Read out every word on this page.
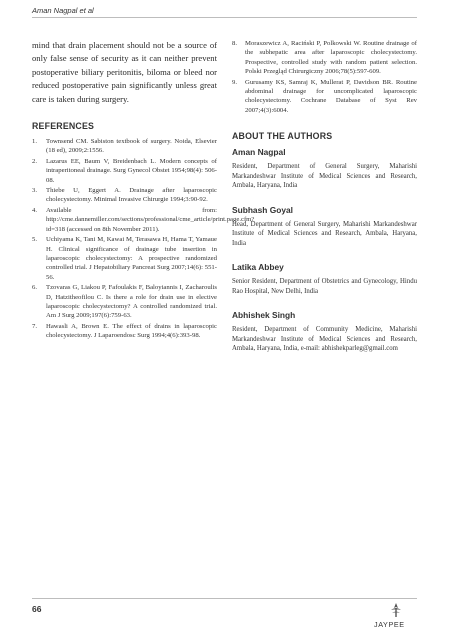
Aman Nagpal et al

mind that drain placement should not be a source of only false sense of security as it can neither prevent postoperative biliary peritonitis, biloma or bleed nor reduced postoperative pain significantly unless great care is taken during surgery.

REFERENCES
1. Townsend CM. Sabiston textbook of surgery. Noida, Elsevier (18 ed), 2009;2:1556.
2. Lazarus EE, Baum V, Breidenbach L. Modern concepts of intraperitoneal drainage. Surg Gynecol Obstet 1954;98(4): 506-08.
3. Thiebe U, Eggert A. Drainage after laparoscopic cholecystectomy. Minimal Invasive Chirurgie 1994;3:90-92.
4. Available from: http://cme.dannemiller.com/sections/professional/cme_article/print.page.cfm?id=318 (accessed on 8th November 2011).
5. Uchiyama K, Tani M, Kawai M, Terasawa H, Hama T, Yamaue H. Clinical significance of drainage tube insertion in laparoscopic cholecystectomy: A prospective randomized controlled trial. J Hepatobiliary Pancreat Surg 2007;14(6): 551-56.
6. Tzovaras G, Liakou P, Fafoulakis F, Baloyiannis I, Zacharoulis D, Hatzitheofilou C. Is there a role for drain use in elective laparoscopic cholecystectomy? A controlled randomized trial. Am J Surg 2009;197(6):759-63.
7. Hawasli A, Brown E. The effect of drains in laparoscopic cholecystectomy. J Laparoendosc Surg 1994;4(6):393-98.
8. Moraszewicz A, Raciński P, Polkowski W. Routine drainage of the subhepatic area after laparoscopic cholecystectomy. Prospective, controlled study with random patient selection. Polski Przegląd Chirurgiczny 2006;78(5):597-609.
9. Gurusamy KS, Samraj K, Mullerat P, Davidson BR. Routine abdominal drainage for uncomplicated laparoscopic cholecystectomy. Cochrane Database of Syst Rev 2007;4(3):6004.
ABOUT THE AUTHORS
Aman Nagpal

Resident, Department of General Surgery, Maharishi Markandeshwar Institute of Medical Sciences and Research, Ambala, Haryana, India

Subhash Goyal

Head, Department of General Surgery, Maharishi Markandeshwar Institute of Medical Sciences and Research, Ambala, Haryana, India

Latika Abbey

Senior Resident, Department of Obstetrics and Gynecology, Hindu Rao Hospital, New Delhi, India

Abhishek Singh

Resident, Department of Community Medicine, Maharishi Markandeshwar Institute of Medical Sciences and Research, Ambala, Haryana, India, e-mail: abhishekparleg@gmail.com

66
JAYPEE
